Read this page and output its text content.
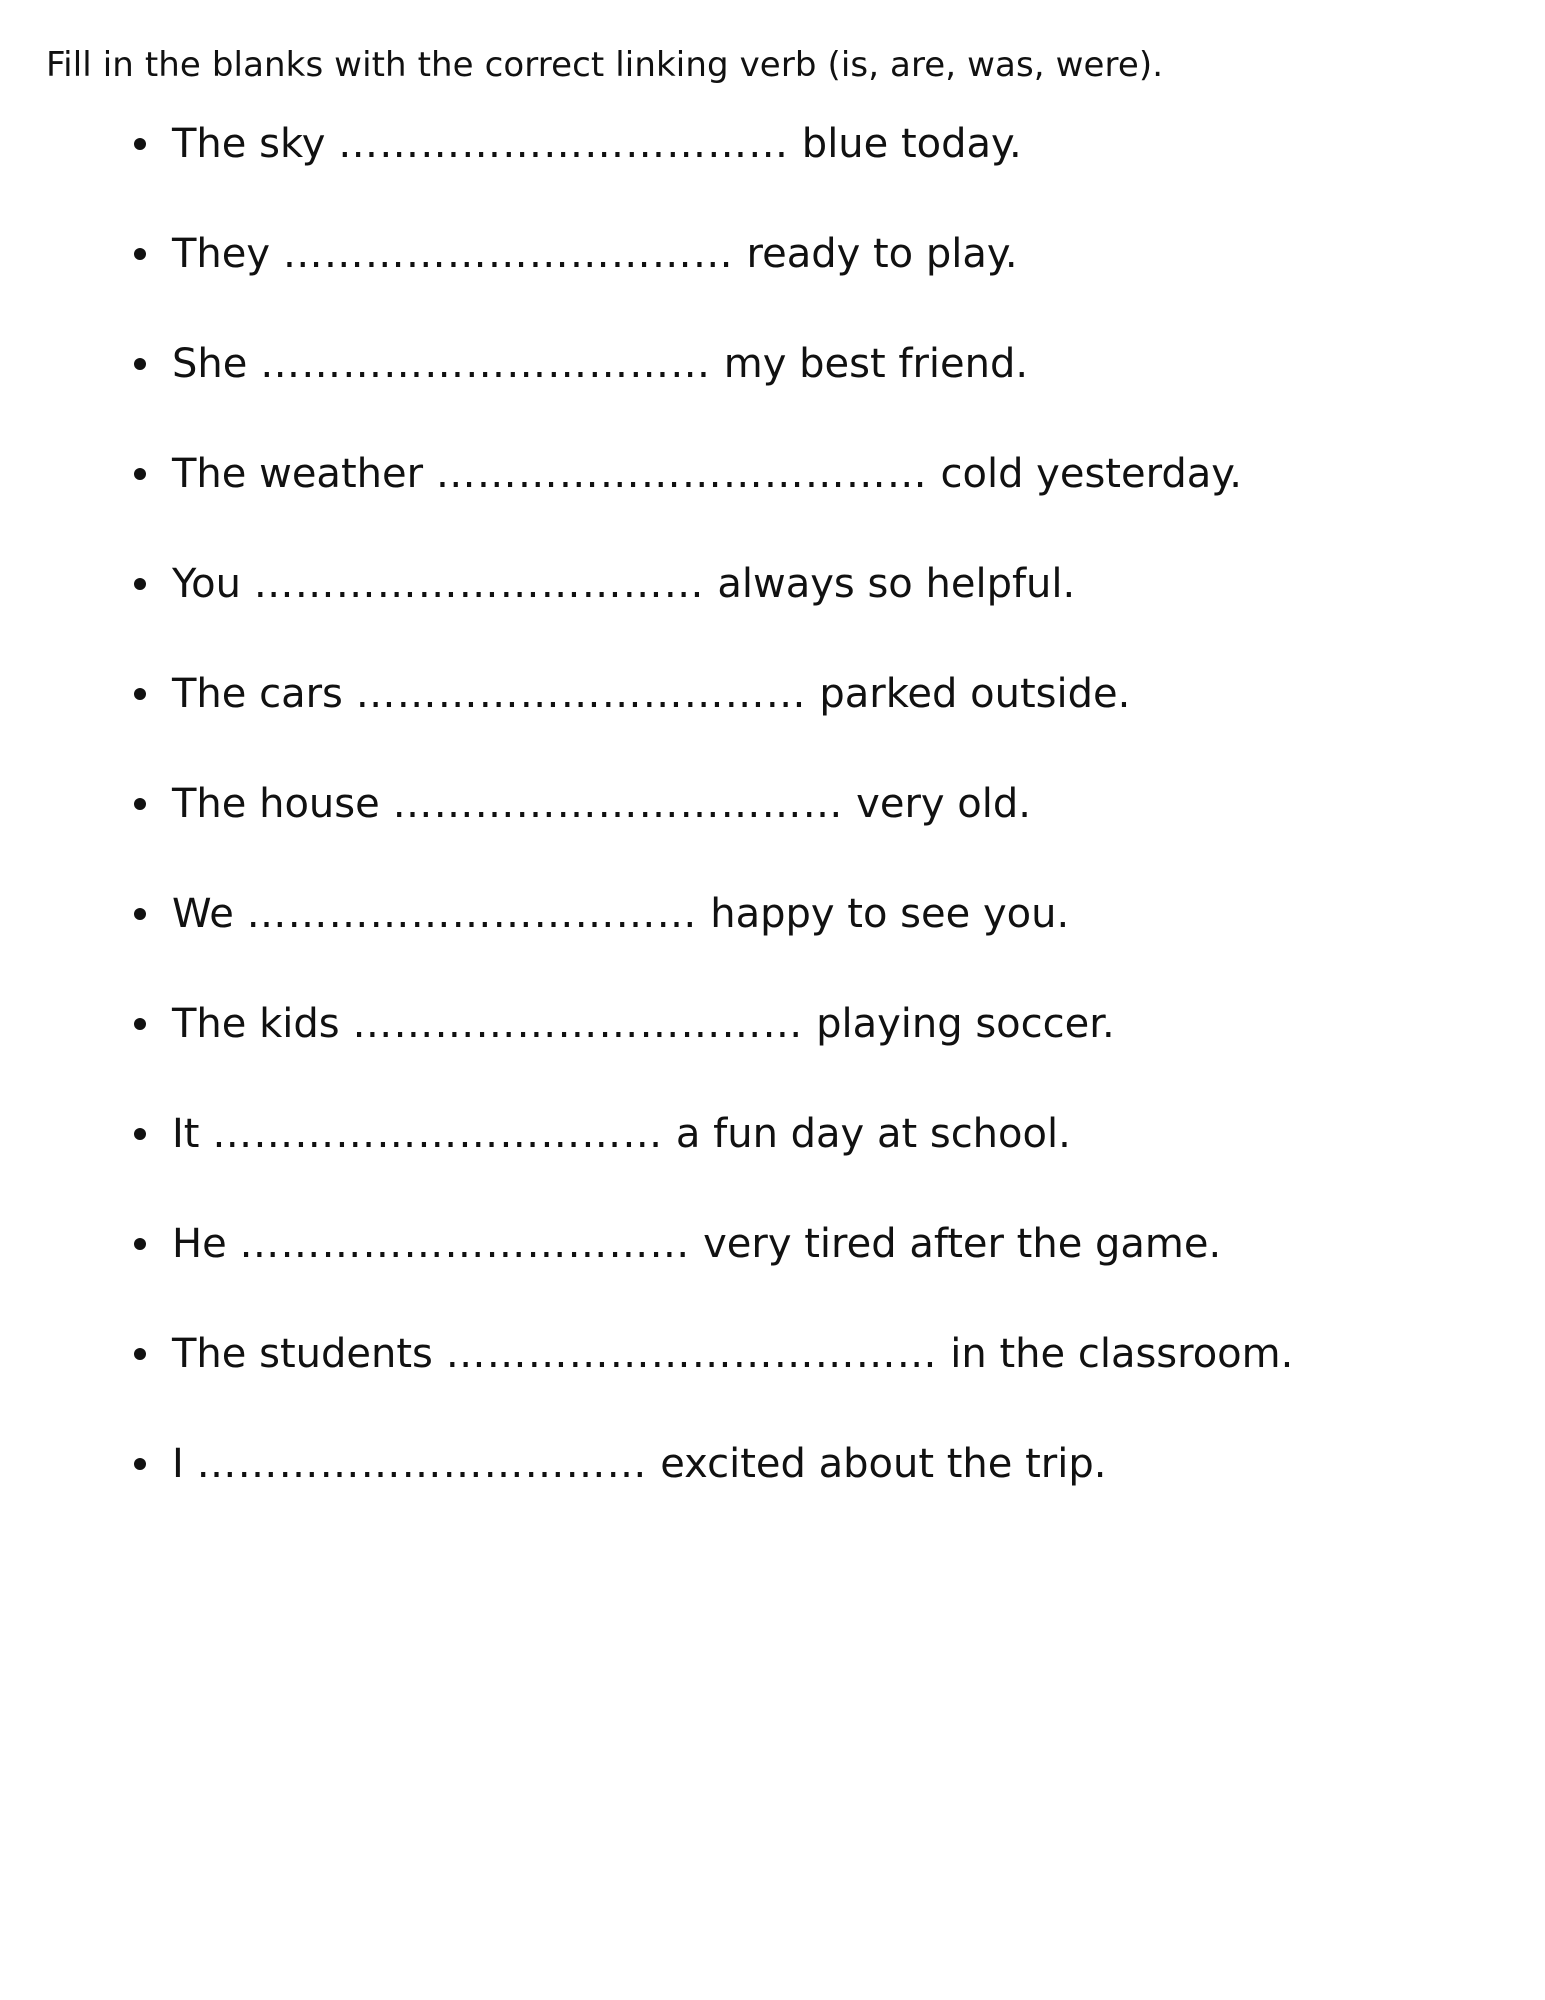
Fill in the blanks with the correct linking verb (is, are, was, were).

The sky …………………………… blue today.
They …………………………… ready to play.
She …………………………… my best friend.
The weather ……………………………… cold yesterday.
You …………………………… always so helpful.
The cars …………………………… parked outside.
The house …………………………… very old.
We …………………………… happy to see you.
The kids …………………………… playing soccer.
It …………………………… a fun day at school.
He …………………………… very tired after the game.
The students ……………………………… in the classroom.
I …………………………… excited about the trip.
